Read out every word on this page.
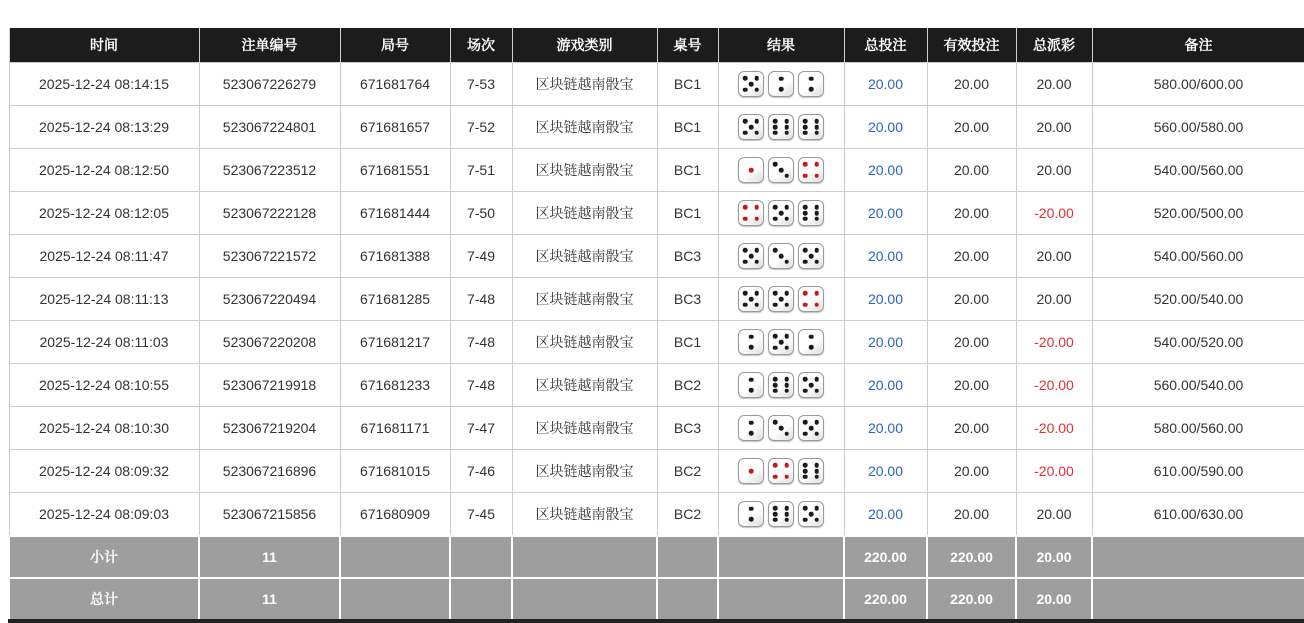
时间	注单编号	局号	场次	游戏类别	桌号	结果	总投注	有效投注	总派彩	备注
2025-12-24 08:14:15	523067226279	671681764	7-53	区块链越南骰宝	BC1		20.00	20.00	20.00	580.00/600.00
2025-12-24 08:13:29	523067224801	671681657	7-52	区块链越南骰宝	BC1		20.00	20.00	20.00	560.00/580.00
2025-12-24 08:12:50	523067223512	671681551	7-51	区块链越南骰宝	BC1		20.00	20.00	20.00	540.00/560.00
2025-12-24 08:12:05	523067222128	671681444	7-50	区块链越南骰宝	BC1		20.00	20.00	-20.00	520.00/500.00
2025-12-24 08:11:47	523067221572	671681388	7-49	区块链越南骰宝	BC3		20.00	20.00	20.00	540.00/560.00
2025-12-24 08:11:13	523067220494	671681285	7-48	区块链越南骰宝	BC3		20.00	20.00	20.00	520.00/540.00
2025-12-24 08:11:03	523067220208	671681217	7-48	区块链越南骰宝	BC1		20.00	20.00	-20.00	540.00/520.00
2025-12-24 08:10:55	523067219918	671681233	7-48	区块链越南骰宝	BC2		20.00	20.00	-20.00	560.00/540.00
2025-12-24 08:10:30	523067219204	671681171	7-47	区块链越南骰宝	BC3		20.00	20.00	-20.00	580.00/560.00
2025-12-24 08:09:32	523067216896	671681015	7-46	区块链越南骰宝	BC2		20.00	20.00	-20.00	610.00/590.00
2025-12-24 08:09:03	523067215856	671680909	7-45	区块链越南骰宝	BC2		20.00	20.00	20.00	610.00/630.00
小计	11						220.00	220.00	20.00	
总计	11						220.00	220.00	20.00	
